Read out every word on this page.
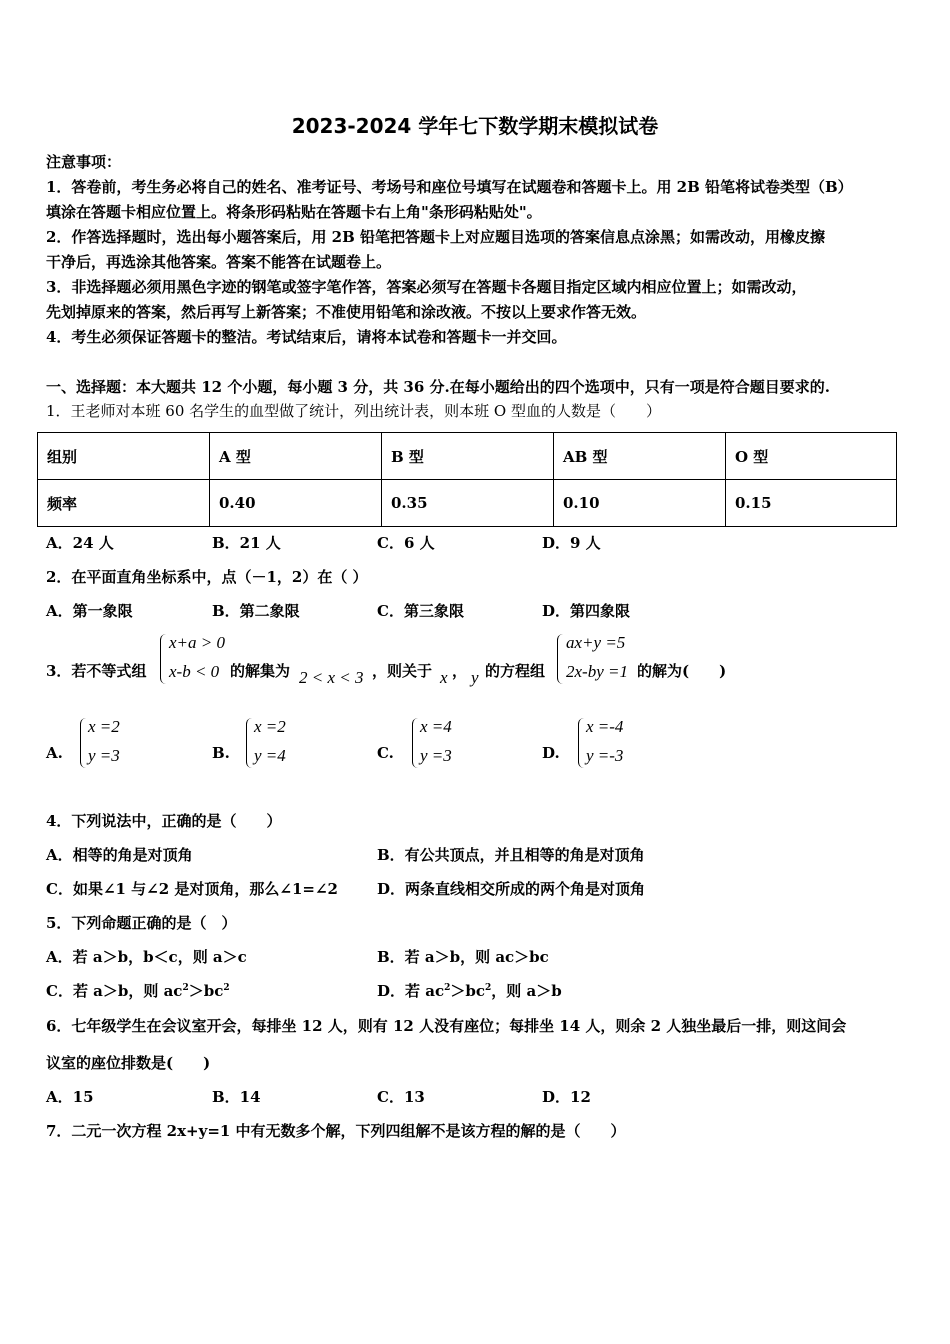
2023-2024 学年七下数学期末模拟试卷
注意事项：
1．答卷前，考生务必将自己的姓名、准考证号、考场号和座位号填写在试题卷和答题卡上。用 2B 铅笔将试卷类型（B）
填涂在答题卡相应位置上。将条形码粘贴在答题卡右上角"条形码粘贴处"。
2．作答选择题时，选出每小题答案后，用 2B 铅笔把答题卡上对应题目选项的答案信息点涂黑；如需改动，用橡皮擦
干净后，再选涂其他答案。答案不能答在试题卷上。
3．非选择题必须用黑色字迹的钢笔或签字笔作答，答案必须写在答题卡各题目指定区域内相应位置上；如需改动，
先划掉原来的答案，然后再写上新答案；不准使用铅笔和涂改液。不按以上要求作答无效。
4．考生必须保证答题卡的整洁。考试结束后，请将本试卷和答题卡一并交回。
一、选择题：本大题共 12 个小题，每小题 3 分，共 36 分.在每小题给出的四个选项中，只有一项是符合题目要求的.
1．王老师对本班 60 名学生的血型做了统计，列出统计表，则本班 O 型血的人数是（　　）
组别	A 型	B 型	AB 型	O 型
频率	0.40	0.35	0.10	0.15
A．24 人	B．21 人	C．6 人	D．9 人
2．在平面直角坐标系中，点（－1，2）在（ ）
A．第一象限	B．第二象限	C．第三象限	D．第四象限
3．若不等式组
x+a > 0
x-b < 0 的解集为 2 < x < 3 ，则关于 x ， y 的方程组
ax+y =5
2x-by =1 的解为(　　)
A.
x =2
y =3	B.
x =2
y =4	C.
x =4
y =3	D.
x =-4
y =-3
4．下列说法中，正确的是（　　）
A．相等的角是对顶角	B．有公共顶点，并且相等的角是对顶角
C．如果∠1 与∠2 是对顶角，那么∠1=∠2	D．两条直线相交所成的两个角是对顶角
5．下列命题正确的是（　）
A．若 a＞b，b＜c，则 a＞c	B．若 a＞b，则 ac＞bc
C．若 a＞b，则 $ac^2>bc^2$	D．若 $ac^2>bc^2$，则 a＞b
6．七年级学生在会议室开会，每排坐 12 人，则有 12 人没有座位；每排坐 14 人，则余 2 人独坐最后一排，则这间会
议室的座位排数是(　　)
A．15	B．14	C．13	D．12
7．二元一次方程 2x+y=1 中有无数多个解，下列四组解不是该方程的解的是（　　）
